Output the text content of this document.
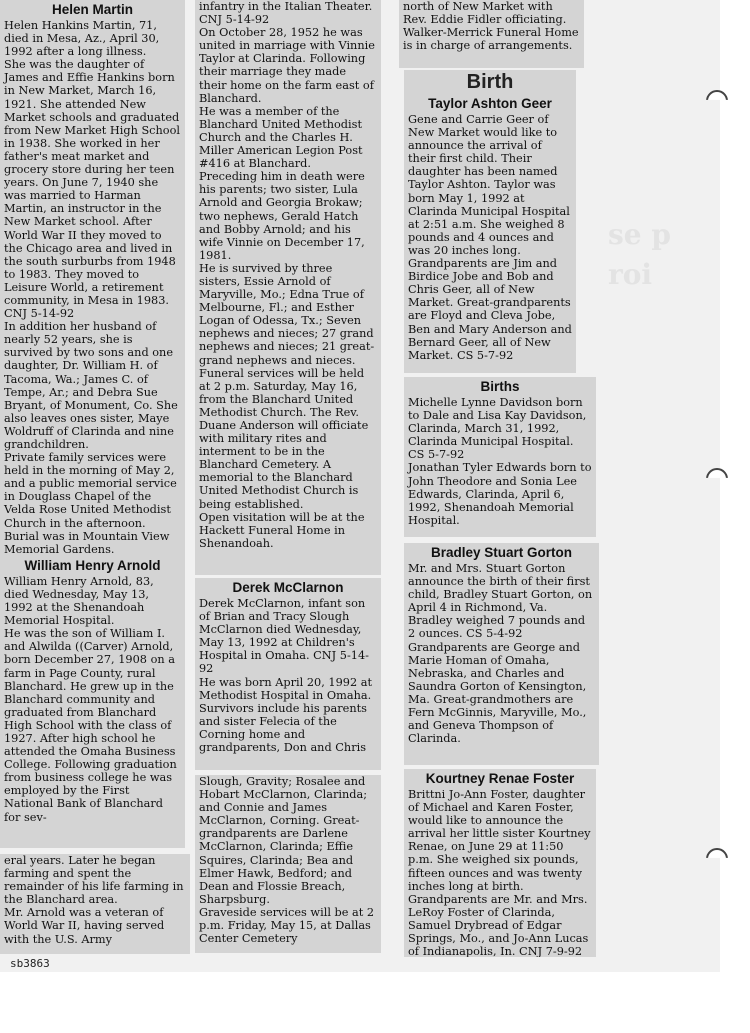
se p
roi
Helen Martin

Helen Hankins Martin, 71, died in Mesa, Az., April 30, 1992 after a long illness.
She was the daughter of James and Effie Hankins born in New Market, March 16, 1921. She attended New Market schools and graduated from New Market High School in 1938. She worked in her father's meat market and grocery store during her teen years. On June 7, 1940 she was married to Harman Martin, an instructor in the New Market school. After World War II they moved to the Chicago area and lived in the south surburbs from 1948 to 1983. They moved to Leisure World, a retirement community, in Mesa in 1983. CNJ 5-14-92
In addition her husband of nearly 52 years, she is survived by two sons and one daughter, Dr. William H. of Tacoma, Wa.; James C. of Tempe, Ar.; and Debra Sue Bryant, of Monument, Co. She also leaves ones sister, Maye Woldruff of Clarinda and nine grandchildren.
Private family services were held in the morning of May 2, and a public memorial service in Douglass Chapel of the Velda Rose United Methodist Church in the afternoon. Burial was in Mountain View Memorial Gardens.

William Henry Arnold

William Henry Arnold, 83, died Wednesday, May 13, 1992 at the Shenandoah Memorial Hospital.
He was the son of William I. and Alwilda ((Carver) Arnold, born December 27, 1908 on a farm in Page County, rural Blanchard. He grew up in the Blanchard community and graduated from Blanchard High School with the class of 1927. After high school he attended the Omaha Business College. Following graduation from business college he was employed by the First National Bank of Blanchard for sev-

eral years. Later he began farming and spent the remainder of his life farming in the Blanchard area.
Mr. Arnold was a veteran of World War II, having served with the U.S. Army

infantry in the Italian Theater. CNJ 5-14-92
On October 28, 1952 he was united in marriage with Vinnie Taylor at Clarinda. Following their marriage they made their home on the farm east of Blanchard.
He was a member of the Blanchard United Methodist Church and the Charles H. Miller American Legion Post #416 at Blanchard.
Preceding him in death were his parents; two sister, Lula Arnold and Georgia Brokaw; two nephews, Gerald Hatch and Bobby Arnold; and his wife Vinnie on December 17, 1981.
He is survived by three sisters, Essie Arnold of Maryville, Mo.; Edna True of Melbourne, Fl.; and Esther Logan of Odessa, Tx.; Seven nephews and nieces; 27 grand nephews and nieces; 21 great-grand nephews and nieces.
Funeral services will be held at 2 p.m. Saturday, May 16, from the Blanchard United Methodist Church. The Rev. Duane Anderson will officiate with military rites and interment to be in the Blanchard Cemetery. A memorial to the Blanchard United Methodist Church is being established.
Open visitation will be at the Hackett Funeral Home in Shenandoah.

Derek McClarnon

Derek McClarnon, infant son of Brian and Tracy Slough McClarnon died Wednesday, May 13, 1992 at Children's Hospital in Omaha. CNJ 5-14-92
He was born April 20, 1992 at Methodist Hospital in Omaha.
Survivors include his parents and sister Felecia of the Corning home and grandparents, Don and Chris

Slough, Gravity; Rosalee and Hobart McClarnon, Clarinda; and Connie and James McClarnon, Corning. Great-grandparents are Darlene McClarnon, Clarinda; Effie Squires, Clarinda; Bea and Elmer Hawk, Bedford; and Dean and Flossie Breach, Sharpsburg.
Graveside services will be at 2 p.m. Friday, May 15, at Dallas Center Cemetery

north of New Market with Rev. Eddie Fidler officiating. Walker-Merrick Funeral Home is in charge of arrangements.

Birth
Taylor Ashton Geer

Gene and Carrie Geer of New Market would like to announce the arrival of their first child. Their daughter has been named Taylor Ashton. Taylor was born May 1, 1992 at Clarinda Municipal Hospital at 2:51 a.m. She weighed 8 pounds and 4 ounces and was 20 inches long. Grandparents are Jim and Birdice Jobe and Bob and Chris Geer, all of New Market. Great-grandparents are Floyd and Cleva Jobe, Ben and Mary Anderson and Bernard Geer, all of New Market. CS 5-7-92

Births

Michelle Lynne Davidson born to Dale and Lisa Kay Davidson, Clarinda, March 31, 1992, Clarinda Municipal Hospital. CS 5-7-92
Jonathan Tyler Edwards born to John Theodore and Sonia Lee Edwards, Clarinda, April 6, 1992, Shenandoah Memorial Hospital.

Bradley Stuart Gorton

Mr. and Mrs. Stuart Gorton announce the birth of their first child, Bradley Stuart Gorton, on April 4 in Richmond, Va. Bradley weighed 7 pounds and 2 ounces. CS 5-4-92
Grandparents are George and Marie Homan of Omaha, Nebraska, and Charles and Saundra Gorton of Kensington, Ma. Great-grandmothers are Fern McGinnis, Maryville, Mo., and Geneva Thompson of Clarinda.

Kourtney Renae Foster

Brittni Jo-Ann Foster, daughter of Michael and Karen Foster, would like to announce the arrival her little sister Kourtney Renae, on June 29 at 11:50 p.m. She weighed six pounds, fifteen ounces and was twenty inches long at birth. Grandparents are Mr. and Mrs. LeRoy Foster of Clarinda, Samuel Drybread of Edgar Springs, Mo., and Jo-Ann Lucas of Indianapolis, In. CNJ 7-9-92

sb3863
